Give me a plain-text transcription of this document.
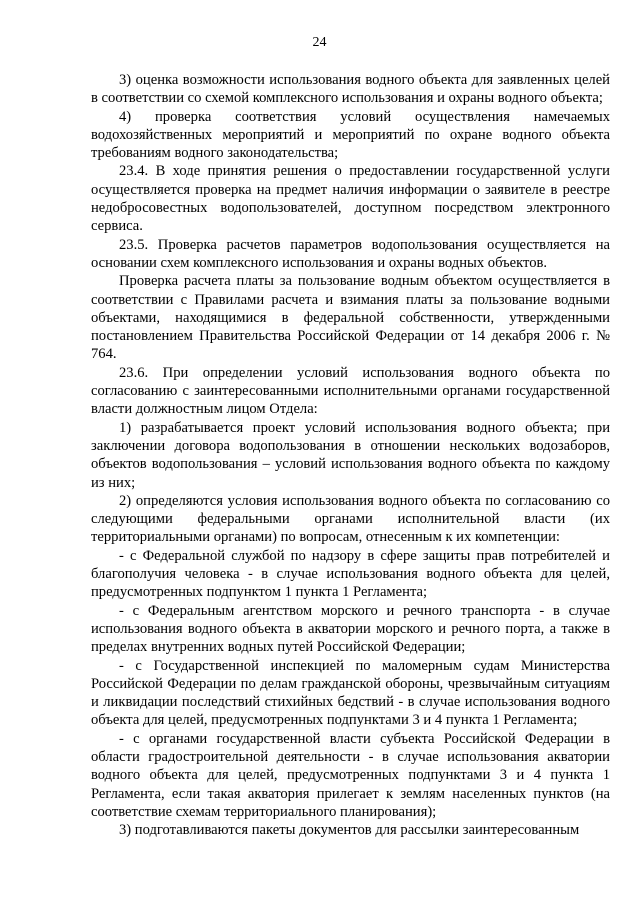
24

3) оценка возможности использования водного объекта для заявленных целей в соответствии со схемой комплексного использования и охраны водного объекта;

4) проверка соответствия условий осуществления намечаемых водохозяйственных мероприятий и мероприятий по охране водного объекта требованиям водного законодательства;

23.4. В ходе принятия решения о предоставлении государственной услуги осуществляется проверка на предмет наличия информации о заявителе в реестре недобросовестных водопользователей, доступном посредством электронного сервиса.

23.5. Проверка расчетов параметров водопользования осуществляется на основании схем комплексного использования и охраны водных объектов.

Проверка расчета платы за пользование водным объектом осуществляется в соответствии с Правилами расчета и взимания платы за пользование водными объектами, находящимися в федеральной собственности, утвержденными постановлением Правительства Российской Федерации от 14 декабря 2006 г. № 764.

23.6. При определении условий использования водного объекта по согласованию с заинтересованными исполнительными органами государственной власти должностным лицом Отдела:

1) разрабатывается проект условий использования водного объекта; при заключении договора водопользования в отношении нескольких водозаборов, объектов водопользования – условий использования водного объекта по каждому из них;

2) определяются условия использования водного объекта по согласованию со следующими федеральными органами исполнительной власти (их территориальными органами) по вопросам, отнесенным к их компетенции:

- с Федеральной службой по надзору в сфере защиты прав потребителей и благополучия человека - в случае использования водного объекта для целей, предусмотренных подпунктом 1 пункта 1 Регламента;

- с Федеральным агентством морского и речного транспорта - в случае использования водного объекта в акватории морского и речного порта, а также в пределах внутренних водных путей Российской Федерации;

- с Государственной инспекцией по маломерным судам Министерства Российской Федерации по делам гражданской обороны, чрезвычайным ситуациям и ликвидации последствий стихийных бедствий - в случае использования водного объекта для целей, предусмотренных подпунктами 3 и 4 пункта 1 Регламента;

- с органами государственной власти субъекта Российской Федерации в области градостроительной деятельности - в случае использования акватории водного объекта для целей, предусмотренных подпунктами 3 и 4 пункта 1 Регламента, если такая акватория прилегает к землям населенных пунктов (на соответствие схемам территориального планирования);

3) подготавливаются пакеты документов для рассылки заинтересованным
